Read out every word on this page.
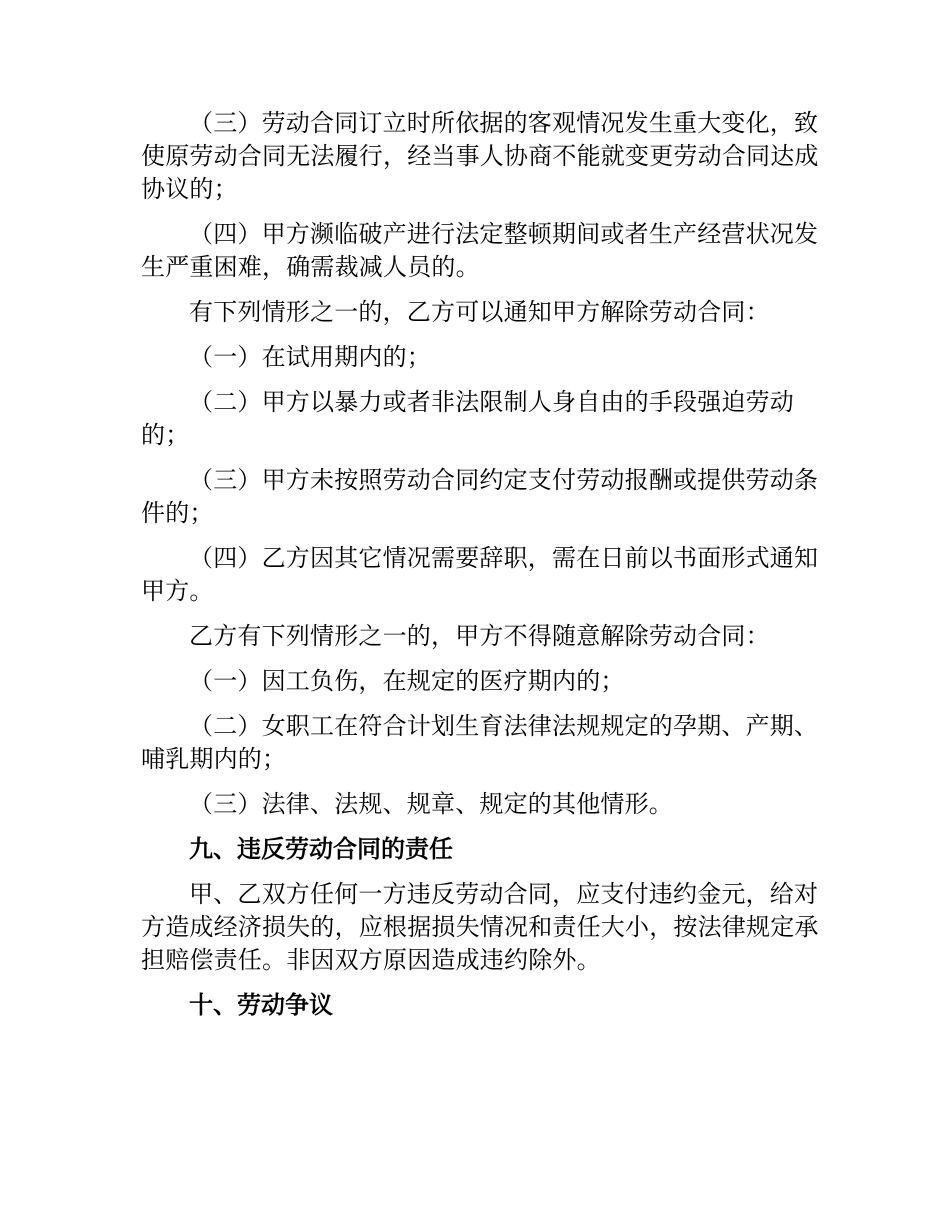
（三）劳动合同订立时所依据的客观情况发生重大变化，致使原劳动合同无法履行，经当事人协商不能就变更劳动合同达成协议的；

（四）甲方濒临破产进行法定整顿期间或者生产经营状况发生严重困难，确需裁减人员的。

有下列情形之一的，乙方可以通知甲方解除劳动合同：

（一）在试用期内的；

（二）甲方以暴力或者非法限制人身自由的手段强迫劳动的；

（三）甲方未按照劳动合同约定支付劳动报酬或提供劳动条件的；

（四）乙方因其它情况需要辞职，需在日前以书面形式通知甲方。

乙方有下列情形之一的，甲方不得随意解除劳动合同：

（一）因工负伤，在规定的医疗期内的；

（二）女职工在符合计划生育法律法规规定的孕期、产期、哺乳期内的；

（三）法律、法规、规章、规定的其他情形。

九、违反劳动合同的责任

甲、乙双方任何一方违反劳动合同，应支付违约金元，给对方造成经济损失的，应根据损失情况和责任大小，按法律规定承担赔偿责任。非因双方原因造成违约除外。

十、劳动争议
